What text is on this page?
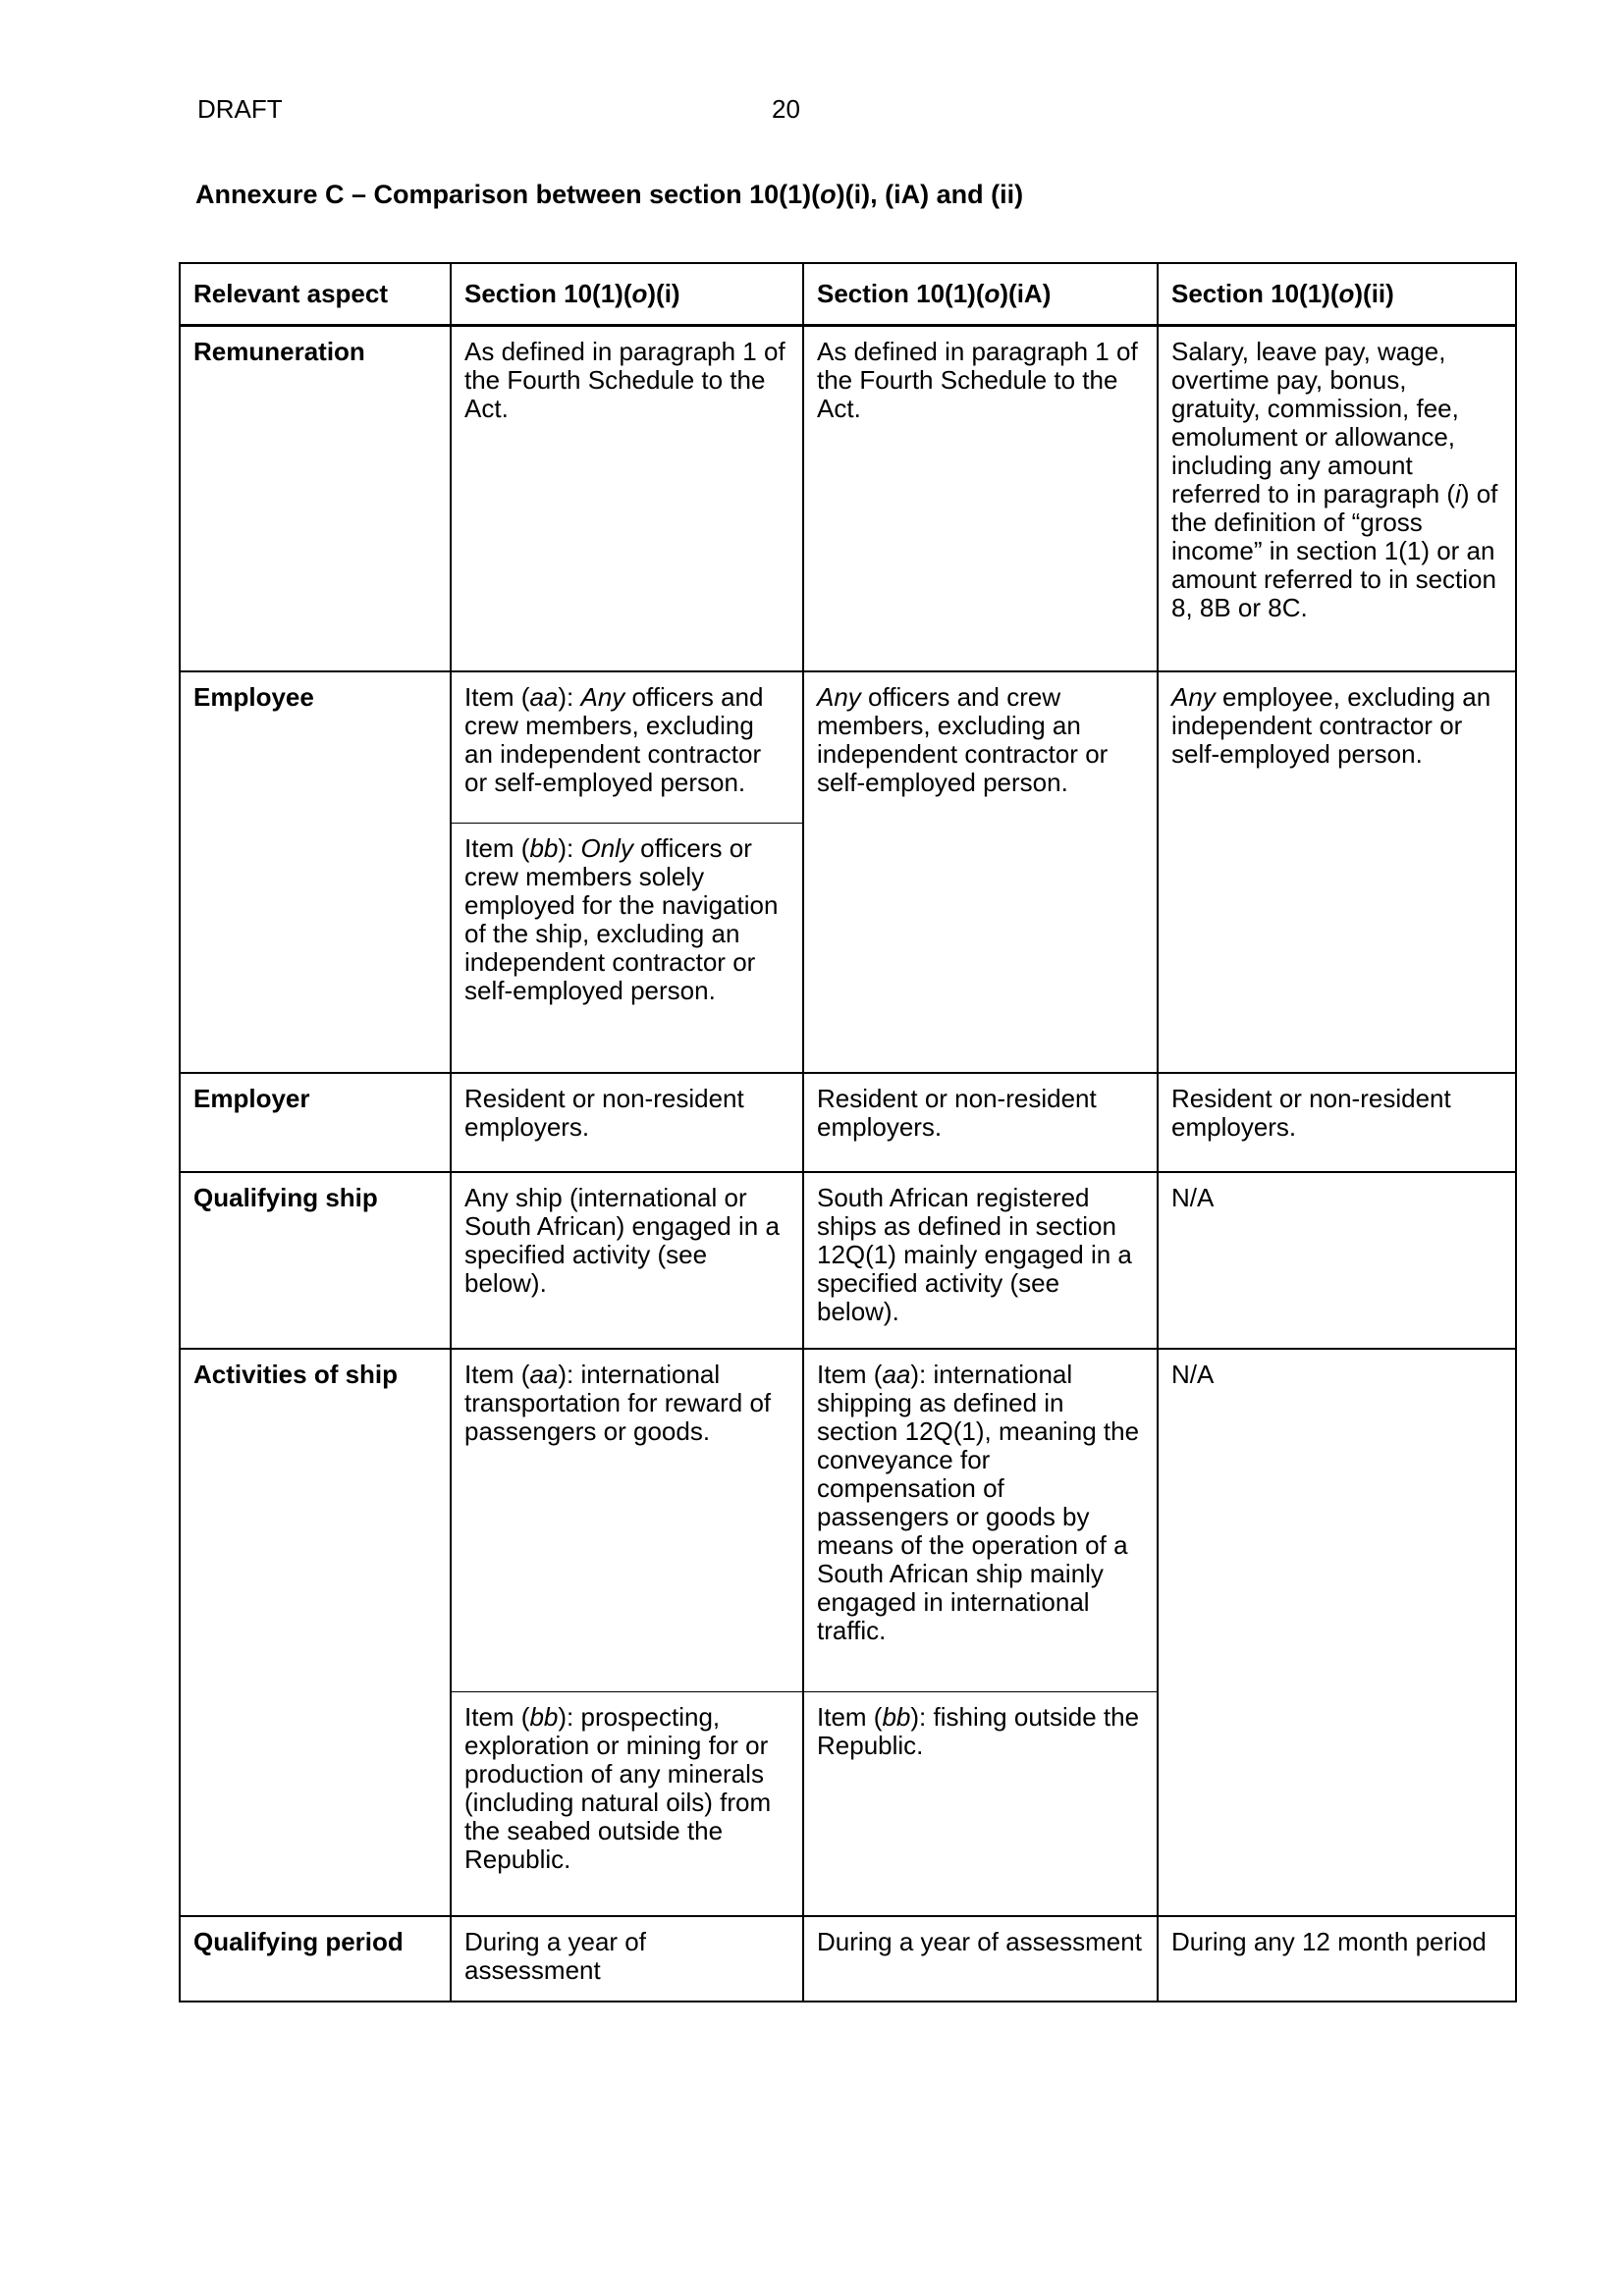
DRAFT	20
Annexure C – Comparison between section 10(1)(o)(i), (iA) and (ii)
Relevant aspect	Section 10(1)(o)(i)	Section 10(1)(o)(iA)	Section 10(1)(o)(ii)
Remuneration	As defined in paragraph 1 of the Fourth Schedule to the Act.	As defined in paragraph 1 of the Fourth Schedule to the Act.	Salary, leave pay, wage, overtime pay, bonus, gratuity, commission, fee, emolument or allowance, including any amount referred to in paragraph (i) of the definition of “gross income” in section 1(1) or an amount referred to in section 8, 8B or 8C.
Employee	Item (aa): Any officers and crew members, excluding an independent contractor or self-employed person.	Any officers and crew members, excluding an independent contractor or self-employed person.	Any employee, excluding an independent contractor or self-employed person.
	Item (bb): Only officers or crew members solely employed for the navigation of the ship, excluding an independent contractor or self-employed person.		
Employer	Resident or non-resident employers.	Resident or non-resident employers.	Resident or non-resident employers.
Qualifying ship	Any ship (international or South African) engaged in a specified activity (see below).	South African registered ships as defined in section 12Q(1) mainly engaged in a specified activity (see below).	N/A
Activities of ship	Item (aa): international transportation for reward of passengers or goods.	Item (aa): international shipping as defined in section 12Q(1), meaning the conveyance for compensation of passengers or goods by means of the operation of a South African ship mainly engaged in international traffic.	N/A
	Item (bb): prospecting, exploration or mining for or production of any minerals (including natural oils) from the seabed outside the Republic.	Item (bb): fishing outside the Republic.	
Qualifying period	During a year of assessment	During a year of assessment	During any 12 month period
